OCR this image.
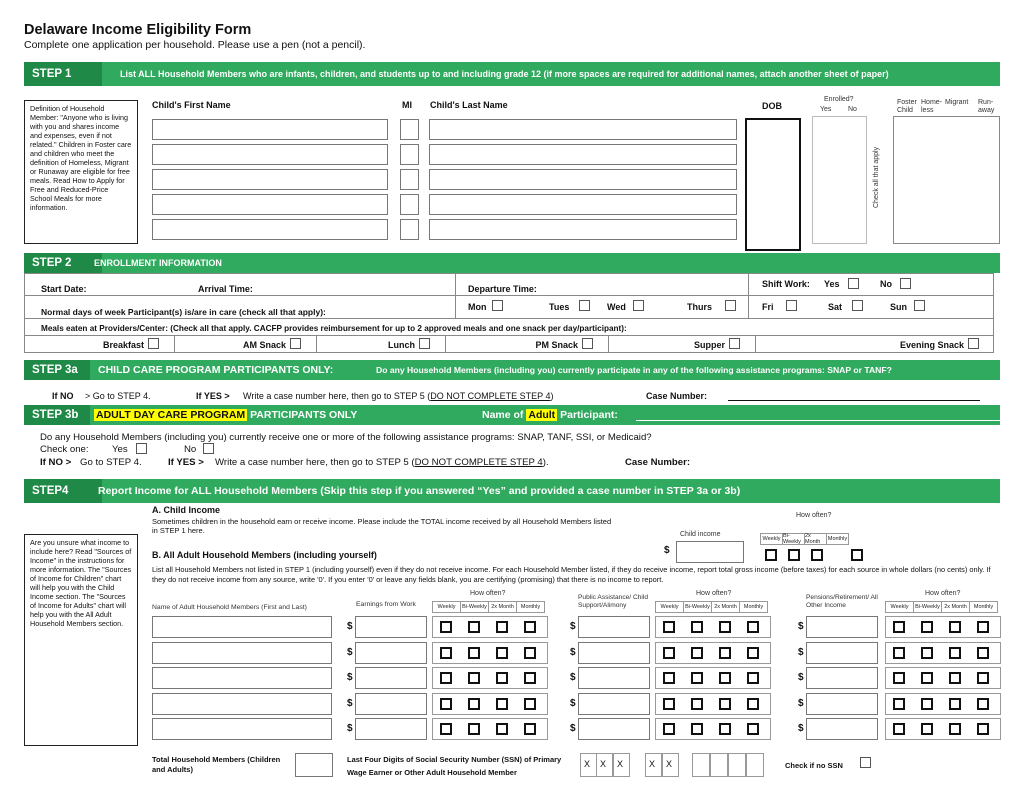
Delaware Income Eligibility Form
Complete one application per household. Please use a pen (not a pencil).
STEP 1	List ALL Household Members who are infants, children, and students up to and including grade 12 (if more spaces are required for additional names, attach another sheet of paper)
Definition of Household Member: "Anyone who is living with you and shares income and expenses, even if not related." Children in Foster care and children who meet the definition of Homeless, Migrant or Runaway are eligible for free meals. Read How to Apply for Free and Reduced-Price School Meals for more information.
Child's First Name	MI Child's Last Name	DOB
Enrolled?
Yes No
Foster Child
Home- less
Migrant Run- away
Check all that apply
STEP 2	ENROLLMENT INFORMATION
Start Date:	Arrival Time:	Departure Time:	Shift Work: Yes	No
Normal days of week Participant(s) is/are in care (check all that apply):	Mon	Tues	Wed	Thurs	Fri	Sat	Sun
Meals eaten at Providers/Center: (Check all that apply. CACFP provides reimbursement for up to 2 approved meals and one snack per day/participant):
Breakfast	AM Snack	Lunch	PM Snack	Supper	Evening Snack
STEP 3a	CHILD CARE PROGRAM PARTICIPANTS ONLY:	Do any Household Members (including you) currently participate in any of the following assistance programs: SNAP or TANF?
If NO > Go to STEP 4.	If YES > Write a case number here, then go to STEP 5 (DO NOT COMPLETE STEP 4)	Case Number:
STEP 3b	ADULT DAY CARE PROGRAM
PARTICIPANTS ONLY	Name of
Adult
Participant:
Do any Household Members (including you) currently receive one or more of the following assistance programs: SNAP, TANF, SSI, or Medicaid?
Check one: Yes	No
If NO > Go to STEP 4.	If YES > Write a case number here, then go to STEP 5 (DO NOT COMPLETE STEP 4).	Case Number:
STEP4	Report Income for ALL Household Members (Skip this step if you answered “Yes” and provided a case number in STEP 3a or 3b)
Are you unsure what income to include here? Read "Sources of Income" in the instructions for more information. The "Sources of Income for Children" chart will help you with the Child Income section. The "Sources of Income for Adults" chart will help you with the All Adult Household Members section.
A. Child Income
Sometimes children in the household earn or receive income. Please include the TOTAL income received by all Household Members listed in STEP 1 here.	Child income
$
How often?
Weekly Bi-Weekly
2x Month	Monthly
B. All Adult Household Members (including yourself)
List all Household Members not listed in STEP 1 (including yourself) even if they do not receive income. For each Household Member listed, if they do receive income, report total gross income (before taxes) for each source in whole dollars (no cents) only. If they do not receive income from any source, write '0'. If you enter '0' or leave any fields blank, you are certifying (promising) that there is no income to report.
Name of Adult Household Members (First and Last)	Earnings from Work
Public Assistance/ Child Support/Alimony
Pensions/Retirement/ All Other Income
How often?
Weekly	Bi-Weekly 2x Month	Monthly
How often?
Weekly	Bi-Weekly 2x Month	Monthly
How often?
Weekly	Bi-Weekly 2x Month	Monthly
$	$	$
$	$	$
$	$	$
$	$	$
$	$	$
Total Household Members (Children and Adults)
Last Four Digits of Social Security Number (SSN) of Primary Wage Earner or Other Adult Household Member
X X X	X X	Check if no SSN
